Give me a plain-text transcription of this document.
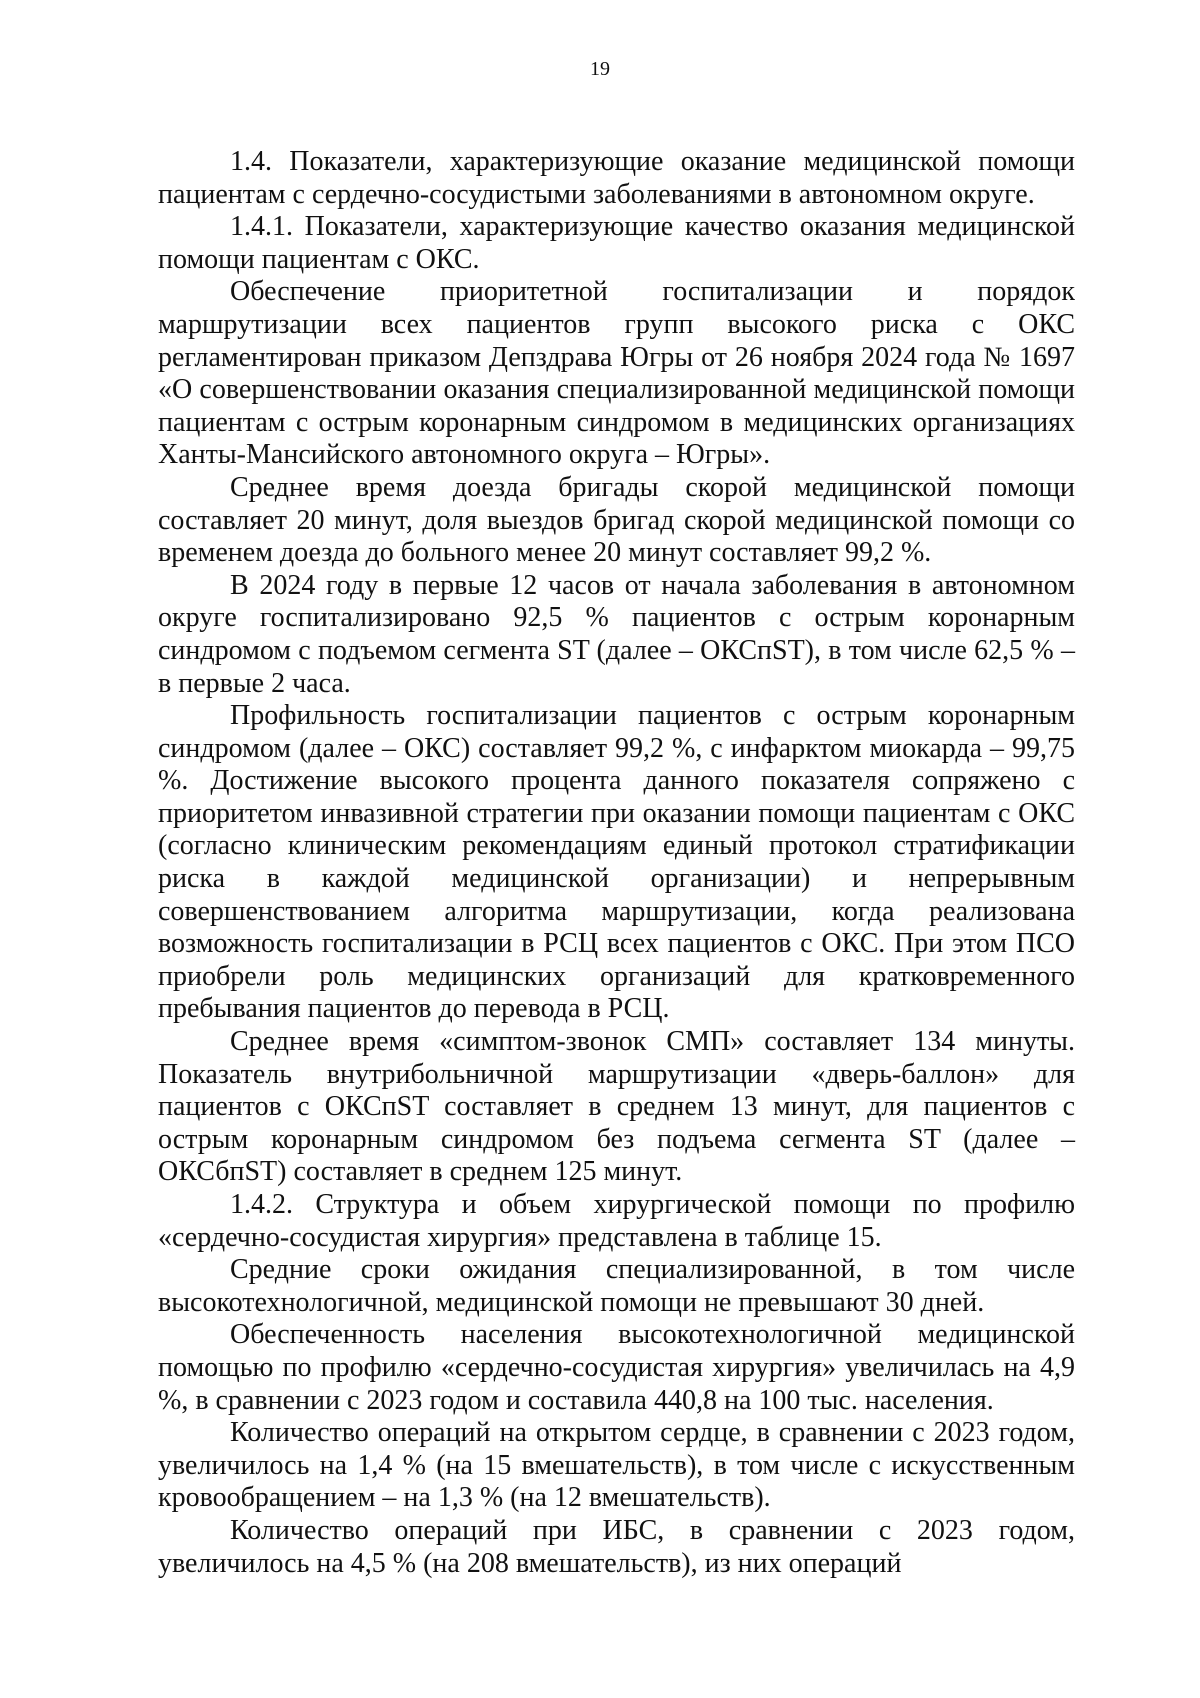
19

1.4. Показатели, характеризующие оказание медицинской помощи пациентам с сердечно-сосудистыми заболеваниями в автономном округе.

1.4.1. Показатели, характеризующие качество оказания медицинской помощи пациентам с ОКС.

Обеспечение приоритетной госпитализации и порядок маршрутизации всех пациентов групп высокого риска с ОКС регламентирован приказом Депздрава Югры от 26 ноября 2024 года № 1697 «О совершенствовании оказания специализированной медицинской помощи пациентам с острым коронарным синдромом в медицинских организациях Ханты-Мансийского автономного округа – Югры».

Среднее время доезда бригады скорой медицинской помощи составляет 20 минут, доля выездов бригад скорой медицинской помощи со временем доезда до больного менее 20 минут составляет 99,2 %.

В 2024 году в первые 12 часов от начала заболевания в автономном округе госпитализировано 92,5 % пациентов с острым коронарным синдромом с подъемом сегмента ST (далее – ОКСпST), в том числе 62,5 % – в первые 2 часа.

Профильность госпитализации пациентов с острым коронарным синдромом (далее – ОКС) составляет 99,2 %, с инфарктом миокарда – 99,75 %. Достижение высокого процента данного показателя сопряжено с приоритетом инвазивной стратегии при оказании помощи пациентам с ОКС (согласно клиническим рекомендациям единый протокол стратификации риска в каждой медицинской организации) и непрерывным совершенствованием алгоритма маршрутизации, когда реализована возможность госпитализации в РСЦ всех пациентов с ОКС. При этом ПСО приобрели роль медицинских организаций для кратковременного пребывания пациентов до перевода в РСЦ.

Среднее время «симптом-звонок СМП» составляет 134 минуты. Показатель внутрибольничной маршрутизации «дверь-баллон» для пациентов с ОКСпST составляет в среднем 13 минут, для пациентов с острым коронарным синдромом без подъема сегмента ST (далее – ОКСбпST) составляет в среднем 125 минут.

1.4.2. Структура и объем хирургической помощи по профилю «сердечно-сосудистая хирургия» представлена в таблице 15.

Средние сроки ожидания специализированной, в том числе высокотехнологичной, медицинской помощи не превышают 30 дней.

Обеспеченность населения высокотехнологичной медицинской помощью по профилю «сердечно-сосудистая хирургия» увеличилась на 4,9 %, в сравнении с 2023 годом и составила 440,8 на 100 тыс. населения.

Количество операций на открытом сердце, в сравнении с 2023 годом, увеличилось на 1,4 % (на 15 вмешательств), в том числе с искусственным кровообращением – на 1,3 % (на 12 вмешательств).

Количество операций при ИБС, в сравнении с 2023 годом, увеличилось на 4,5 % (на 208 вмешательств), из них операций
